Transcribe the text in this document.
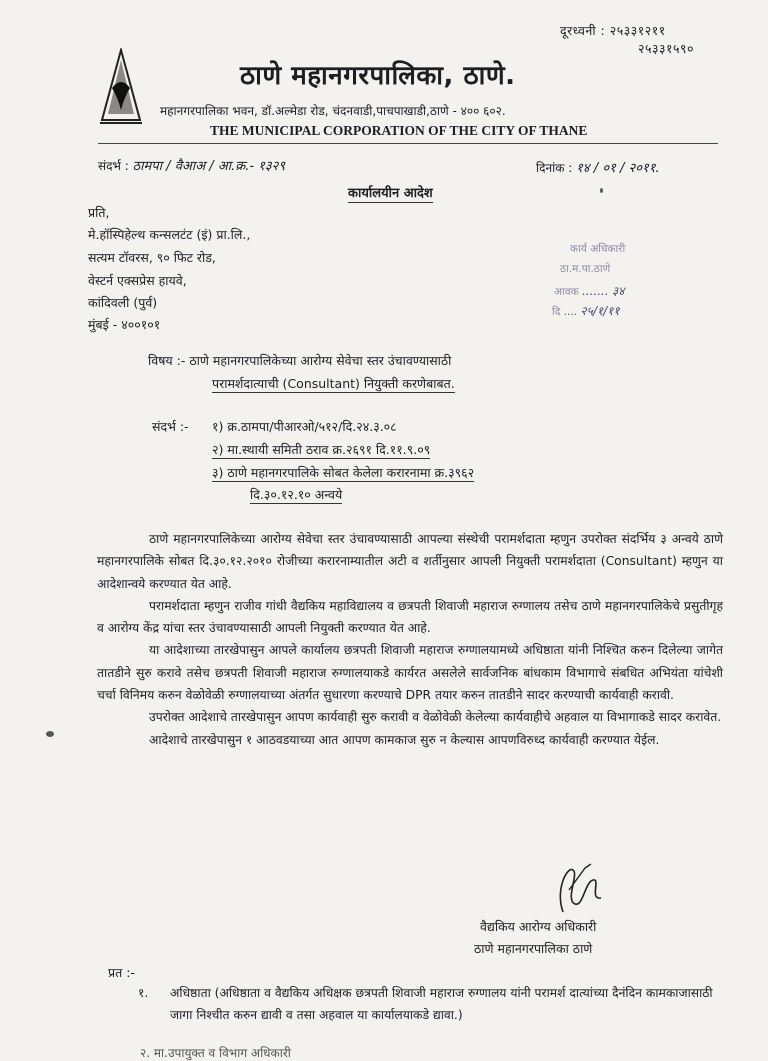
दूरध्वनी : २५३३१२११
२५३३१५९०
ठाणे महानगरपालिका, ठाणे.
महानगरपालिका भवन, डॉ.अल्मेडा रोड, चंदनवाडी,पाचपाखाडी,ठाणे - ४०० ६०२.
THE MUNICIPAL CORPORATION OF THE CITY OF THANE
संदर्भ : ठामपा / वैआअ / आ.क्र.- १३२९	दिनांक : १४ / ०१ / २०११.
कार्यालयीन आदेश
प्रति,
मे.हॉस्पिहेल्थ कन्सलटंट (इं) प्रा.लि.,
सत्यम टॉवरस, ९० फिट रोड,
वेस्टर्न एक्सप्रेस हायवे,
कांदिवली (पुर्व)
मुंबई - ४००१०१
कार्य अधिकारी
ठा.म.पा.ठाणे
आवक ....... ३४
दि .... २५/१/११
विषय :- ठाणे महानगरपालिकेच्या आरोग्य सेवेचा स्तर उंचावण्यासाठी
परामर्शदात्याची (Consultant) नियुक्ती करणेबाबत.
संदर्भ :- १) क्र.ठामपा/पीआरओ/५१२/दि.२४.३.०८
२) मा.स्थायी समिती ठराव क्र.२६९१ दि.११.९.०९
३) ठाणे महानगरपालिके सोबत केलेला करारनामा क्र.३९६२
दि.३०.१२.१० अन्वये

ठाणे महानगरपालिकेच्या आरोग्य सेवेचा स्तर उंचावण्यासाठी आपल्या संस्थेची परामर्शदाता म्हणुन उपरोक्त संदर्भिय ३ अन्वये ठाणे महानगरपालिके सोबत दि.३०.१२.२०१० रोजीच्या करारनाम्यातील अटी व शर्तीनुसार आपली नियुक्ती परामर्शदाता (Consultant) म्हणुन या आदेशान्वये करण्यात येत आहे.

परामर्शदाता म्हणुन राजीव गांधी वैद्यकिय महाविद्यालय व छत्रपती शिवाजी महाराज रुग्णालय तसेच ठाणे महानगरपालिकेचे प्रसुतीगृह व आरोग्य केंद्र यांचा स्तर उंचावण्यासाठी आपली नियुक्ती करण्यात येत आहे.

या आदेशाच्या तारखेपासुन आपले कार्यालय छत्रपती शिवाजी महाराज रुग्णालयामध्ये अधिष्ठाता यांनी निश्चित करुन दिलेल्या जागेत तातडीने सुरु करावे तसेच छत्रपती शिवाजी महाराज रुग्णालयाकडे कार्यरत असलेले सार्वजनिक बांधकाम विभागाचे संबधित अभियंता यांचेशी चर्चा विनिमय करुन वेळोवेळी रुग्णालयाच्या अंतर्गत सुधारणा करण्याचे DPR तयार करुन तातडीने सादर करण्याची कार्यवाही करावी.

उपरोक्त आदेशाचे तारखेपासुन आपण कार्यवाही सुरु करावी व वेळोवेळी केलेल्या कार्यवाहीचे अहवाल या विभागाकडे सादर करावेत.

आदेशाचे तारखेपासुन १ आठवडयाच्या आत आपण कामकाज सुरु न केल्यास आपणविरुध्द कार्यवाही करण्यात येईल.

वैद्यकिय आरोग्य अधिकारी
ठाणे महानगरपालिका ठाणे
प्रत :-
१. अधिष्ठाता (अधिष्ठाता व वैद्यकिय अधिक्षक छत्रपती शिवाजी महाराज रुग्णालय यांनी परामर्श दात्यांच्या दैनंदिन कामकाजासाठी जागा निश्चीत करुन द्यावी व तसा अहवाल या कार्यालयाकडे द्यावा.)
२. मा.उपायुक्त व विभाग अधिकारी
